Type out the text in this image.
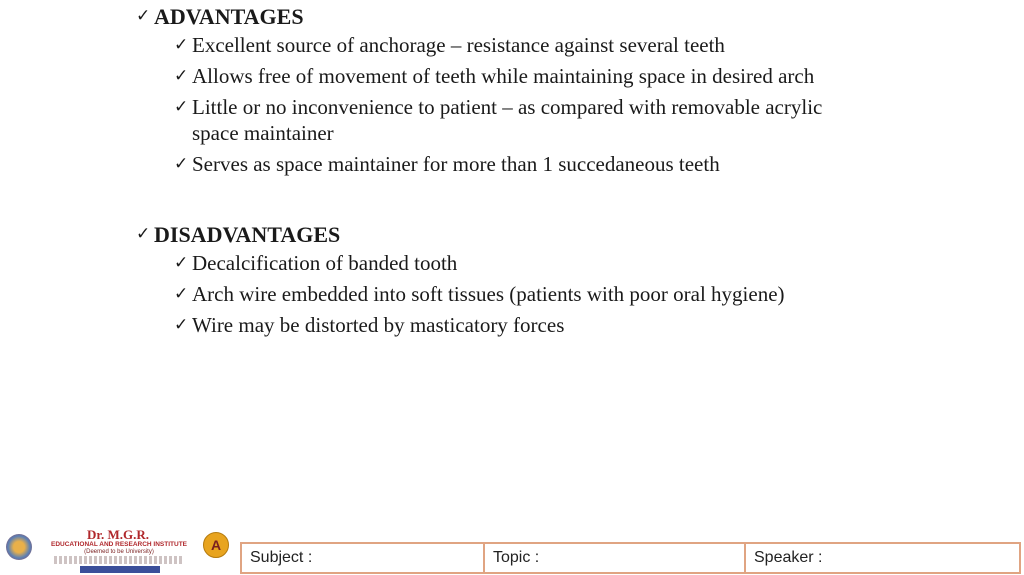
✓ ADVANTAGES
✓ Excellent source of anchorage – resistance against several teeth
✓ Allows free of movement of teeth while maintaining space in desired arch
✓ Little or no inconvenience to patient – as compared with removable acrylic space maintainer
✓ Serves as space maintainer for more than 1 succedaneous teeth
✓ DISADVANTAGES
✓ Decalcification of banded tooth
✓ Arch wire embedded into soft tissues (patients with poor oral hygiene)
✓ Wire may be distorted by masticatory forces
Dr. M.G.R.
EDUCATIONAL AND RESEARCH INSTITUTE
(Deemed to be University)	A
Subject :	Topic :	Speaker :
